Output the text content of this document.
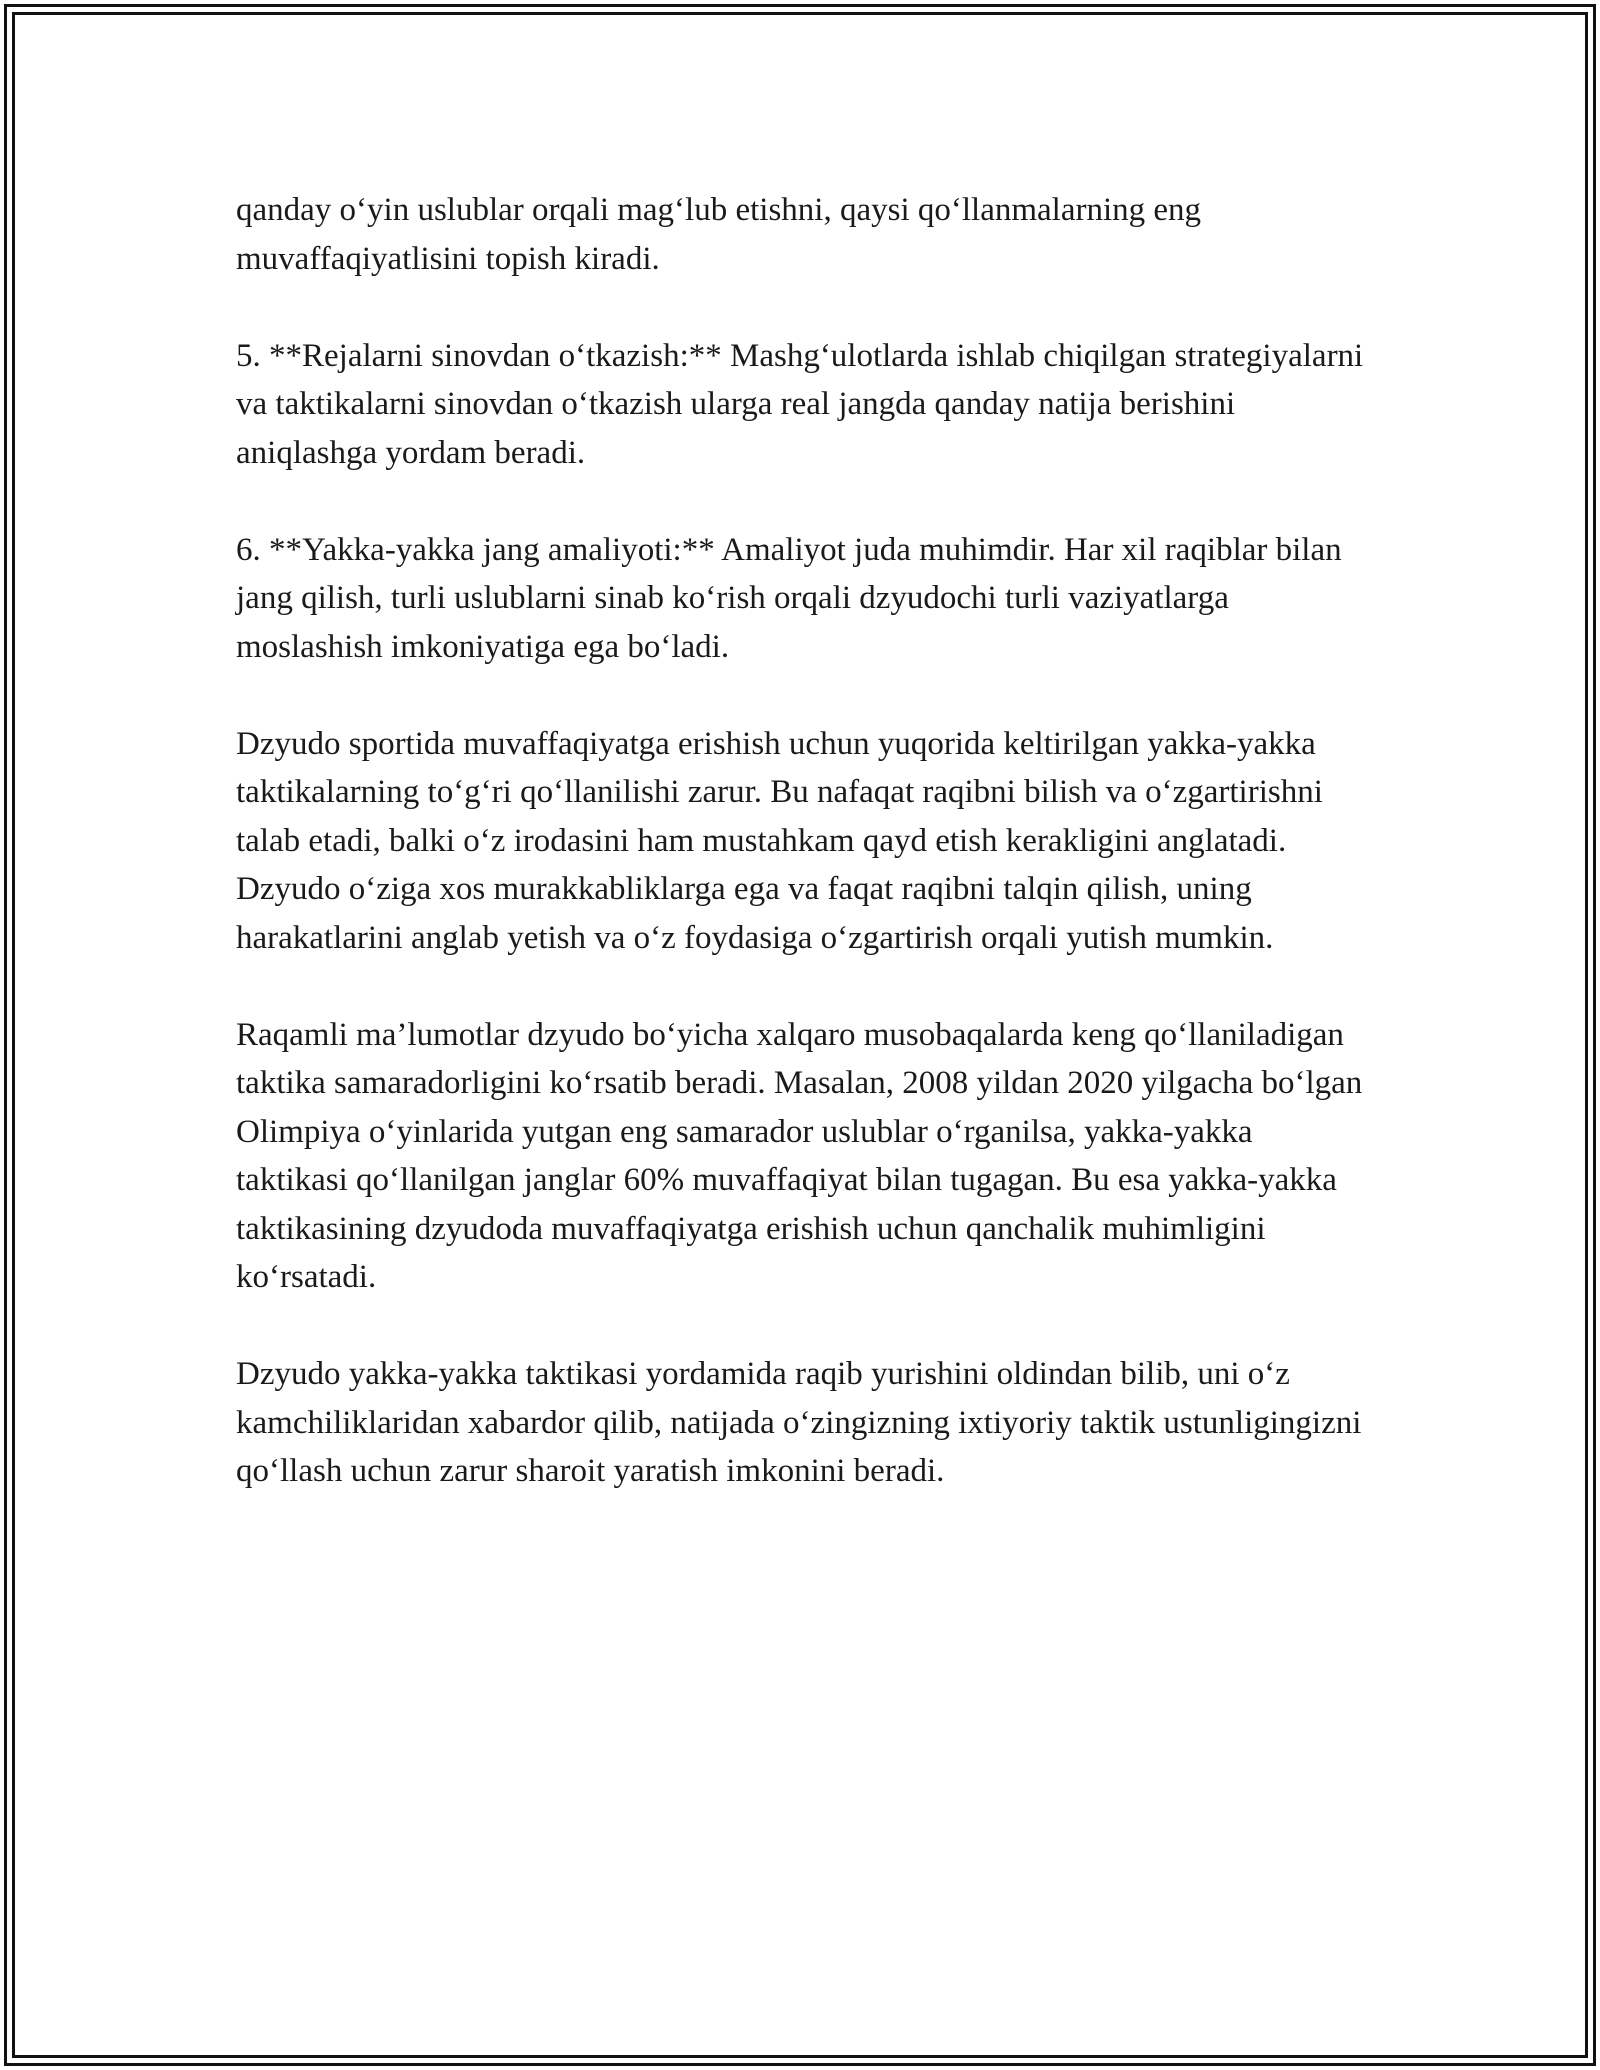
qanday o‘yin uslublar orqali mag‘lub etishni, qaysi qo‘llanmalarning eng muvaffaqiyatlisini topish kiradi.

5. **Rejalarni sinovdan o‘tkazish:** Mashg‘ulotlarda ishlab chiqilgan strategiyalarni va taktikalarni sinovdan o‘tkazish ularga real jangda qanday natija berishini aniqlashga yordam beradi.

6. **Yakka-yakka jang amaliyoti:** Amaliyot juda muhimdir. Har xil raqiblar bilan jang qilish, turli uslublarni sinab ko‘rish orqali dzyudochi turli vaziyatlarga moslashish imkoniyatiga ega bo‘ladi.

Dzyudo sportida muvaffaqiyatga erishish uchun yuqorida keltirilgan yakka-yakka taktikalarning to‘g‘ri qo‘llanilishi zarur. Bu nafaqat raqibni bilish va o‘zgartirishni talab etadi, balki o‘z irodasini ham mustahkam qayd etish kerakligini anglatadi. Dzyudo o‘ziga xos murakkabliklarga ega va faqat raqibni talqin qilish, uning harakatlarini anglab yetish va o‘z foydasiga o‘zgartirish orqali yutish mumkin.

Raqamli ma’lumotlar dzyudo bo‘yicha xalqaro musobaqalarda keng qo‘llaniladigan taktika samaradorligini ko‘rsatib beradi. Masalan, 2008 yildan 2020 yilgacha bo‘lgan Olimpiya o‘yinlarida yutgan eng samarador uslublar o‘rganilsa, yakka-yakka taktikasi qo‘llanilgan janglar 60% muvaffaqiyat bilan tugagan. Bu esa yakka-yakka taktikasining dzyudoda muvaffaqiyatga erishish uchun qanchalik muhimligini ko‘rsatadi.

Dzyudo yakka-yakka taktikasi yordamida raqib yurishini oldindan bilib, uni o‘z kamchiliklaridan xabardor qilib, natijada o‘zingizning ixtiyoriy taktik ustunligingizni qo‘llash uchun zarur sharoit yaratish imkonini beradi.
